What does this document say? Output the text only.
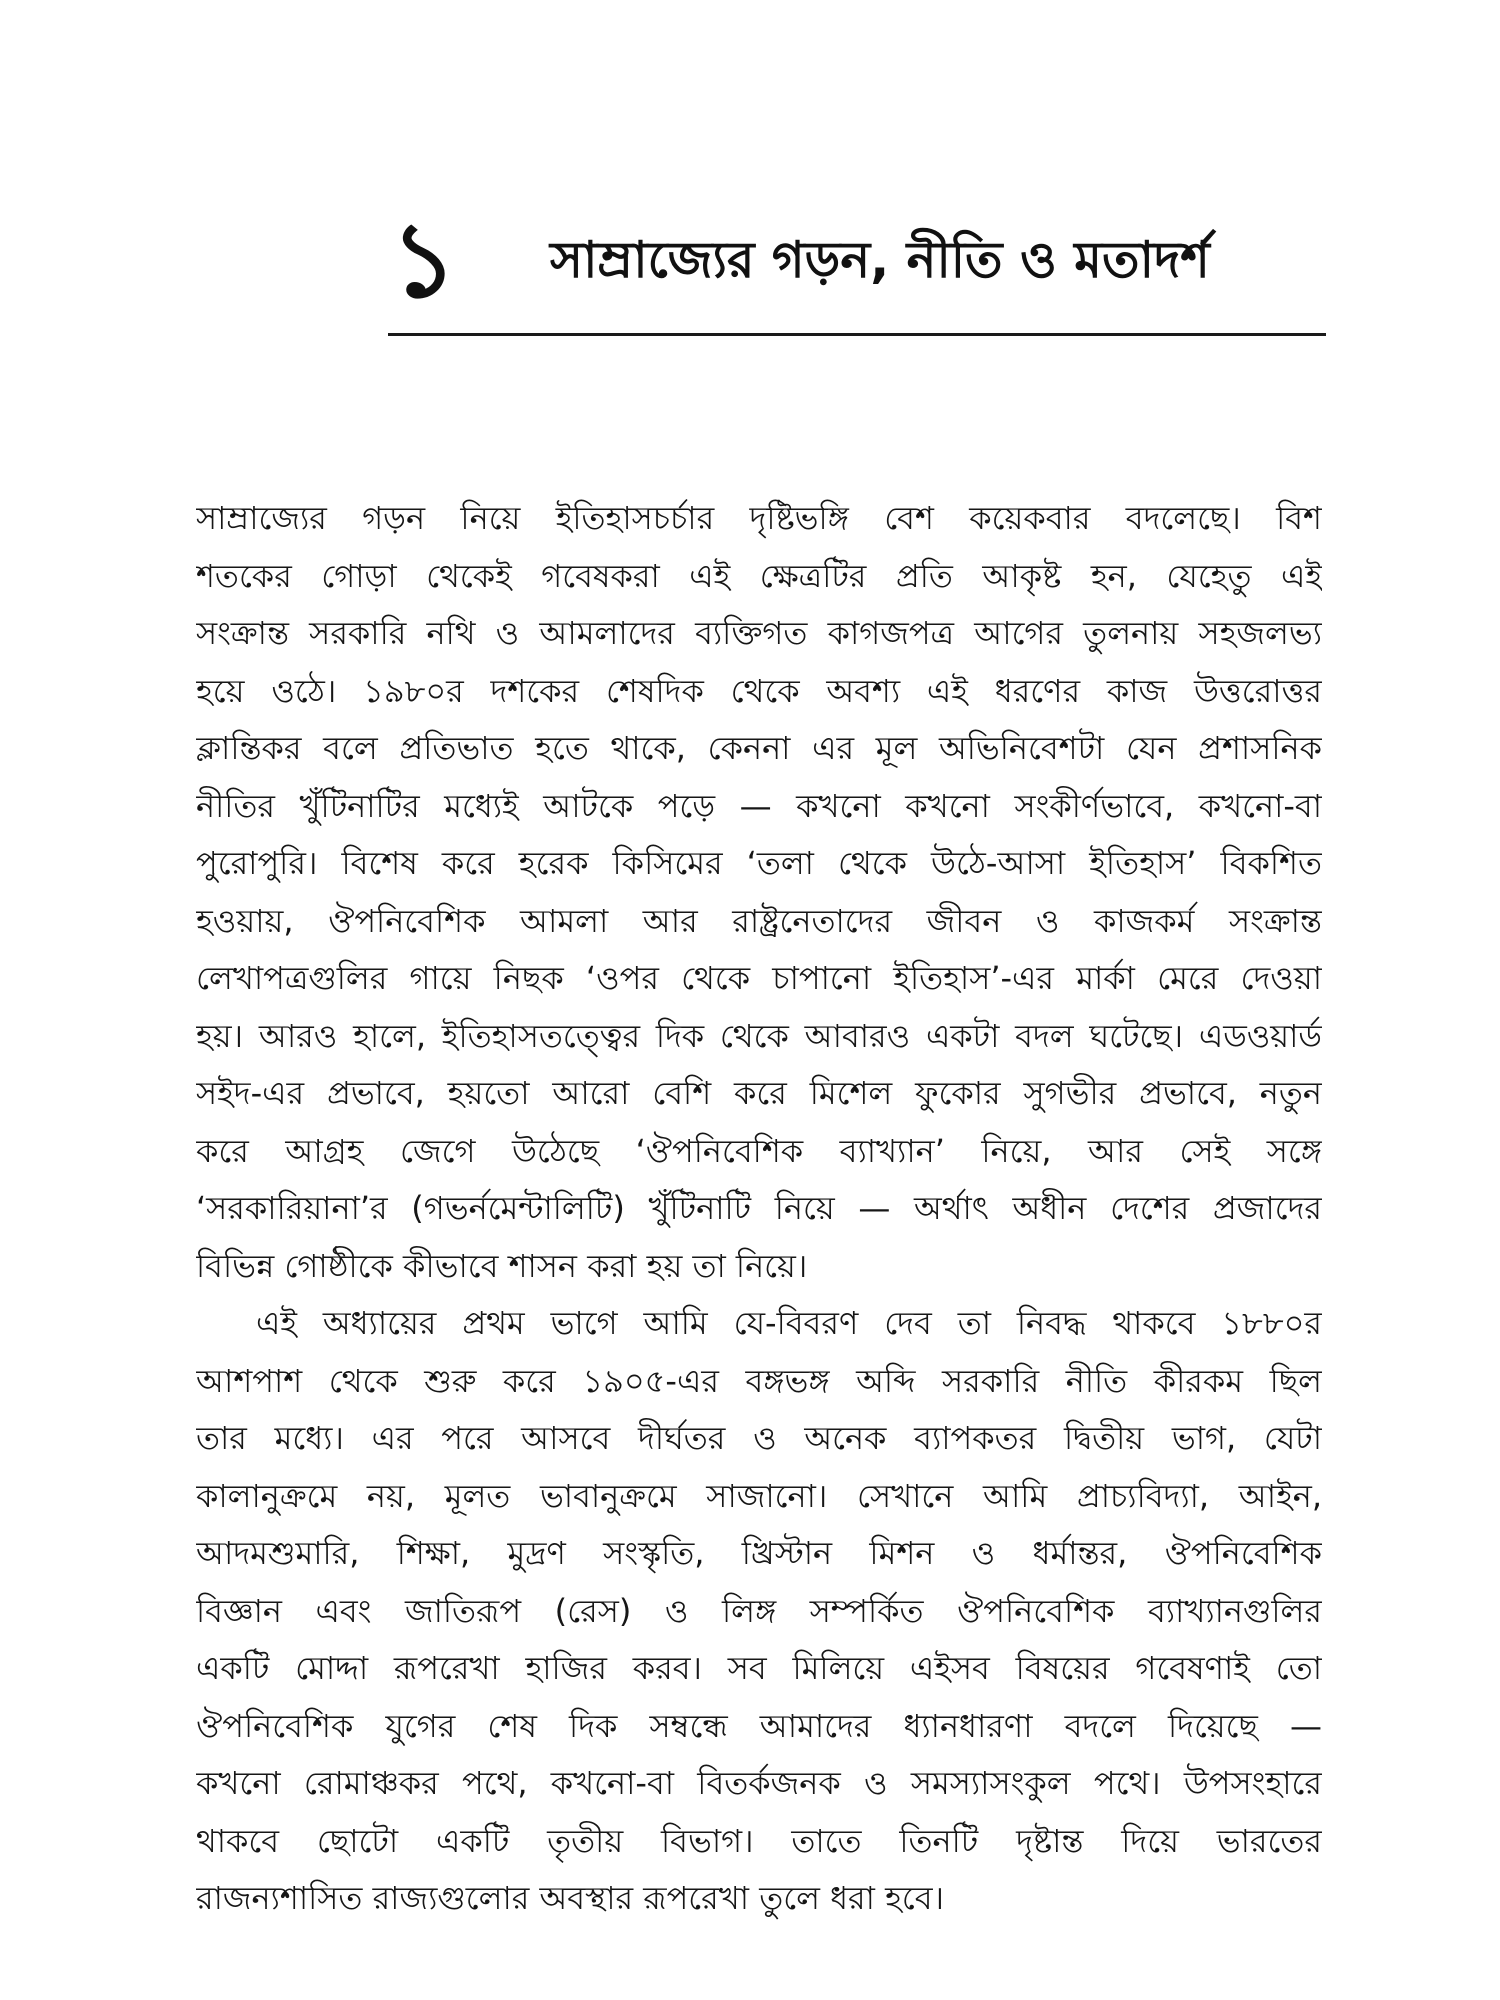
১	সাম্রাজ্যের গড়ন, নীতি ও মতাদর্শ
সাম্রাজ্যের গড়ন নিয়ে ইতিহাসচর্চার দৃষ্টিভঙ্গি বেশ কয়েকবার বদলেছে। বিশ
শতকের গোড়া থেকেই গবেষকরা এই ক্ষেত্রটির প্রতি আকৃষ্ট হন, যেহেতু এই
সংক্রান্ত সরকারি নথি ও আমলাদের ব্যক্তিগত কাগজপত্র আগের তুলনায় সহজলভ্য
হয়ে ওঠে। ১৯৮০র দশকের শেষদিক থেকে অবশ্য এই ধরণের কাজ উত্তরোত্তর
ক্লান্তিকর বলে প্রতিভাত হতে থাকে, কেননা এর মূল অভিনিবেশটা যেন প্রশাসনিক
নীতির খুঁটিনাটির মধ্যেই আটকে পড়ে — কখনো কখনো সংকীর্ণভাবে, কখনো-বা
পুরোপুরি। বিশেষ করে হরেক কিসিমের ‘তলা থেকে উঠে-আসা ইতিহাস’ বিকশিত
হওয়ায়, ঔপনিবেশিক আমলা আর রাষ্ট্রনেতাদের জীবন ও কাজকর্ম সংক্রান্ত
লেখাপত্রগুলির গায়ে নিছক ‘ওপর থেকে চাপানো ইতিহাস’-এর মার্কা মেরে দেওয়া
হয়। আরও হালে, ইতিহাসতত্ত্বের দিক থেকে আবারও একটা বদল ঘটেছে। এডওয়ার্ড
সইদ-এর প্রভাবে, হয়তো আরো বেশি করে মিশেল ফুকোর সুগভীর প্রভাবে, নতুন
করে আগ্রহ জেগে উঠেছে ‘ঔপনিবেশিক ব্যাখ্যান’ নিয়ে, আর সেই সঙ্গে
‘সরকারিয়ানা’র (গভর্নমেন্টালিটি) খুঁটিনাটি নিয়ে — অর্থাৎ অধীন দেশের প্রজাদের
বিভিন্ন গোষ্ঠীকে কীভাবে শাসন করা হয় তা নিয়ে।
এই অধ্যায়ের প্রথম ভাগে আমি যে-বিবরণ দেব তা নিবদ্ধ থাকবে ১৮৮০র
আশপাশ থেকে শুরু করে ১৯০৫-এর বঙ্গভঙ্গ অব্দি সরকারি নীতি কীরকম ছিল
তার মধ্যে। এর পরে আসবে দীর্ঘতর ও অনেক ব্যাপকতর দ্বিতীয় ভাগ, যেটা
কালানুক্রমে নয়, মূলত ভাবানুক্রমে সাজানো। সেখানে আমি প্রাচ্যবিদ্যা, আইন,
আদমশুমারি, শিক্ষা, মুদ্রণ সংস্কৃতি, খ্রিস্টান মিশন ও ধর্মান্তর, ঔপনিবেশিক
বিজ্ঞান এবং জাতিরূপ (রেস) ও লিঙ্গ সম্পর্কিত ঔপনিবেশিক ব্যাখ্যানগুলির
একটি মোদ্দা রূপরেখা হাজির করব। সব মিলিয়ে এইসব বিষয়ের গবেষণাই তো
ঔপনিবেশিক যুগের শেষ দিক সম্বন্ধে আমাদের ধ্যানধারণা বদলে দিয়েছে —
কখনো রোমাঞ্চকর পথে, কখনো-বা বিতর্কজনক ও সমস্যাসংকুল পথে। উপসংহারে
থাকবে ছোটো একটি তৃতীয় বিভাগ। তাতে তিনটি দৃষ্টান্ত দিয়ে ভারতের
রাজন্যশাসিত রাজ্যগুলোর অবস্থার রূপরেখা তুলে ধরা হবে।
